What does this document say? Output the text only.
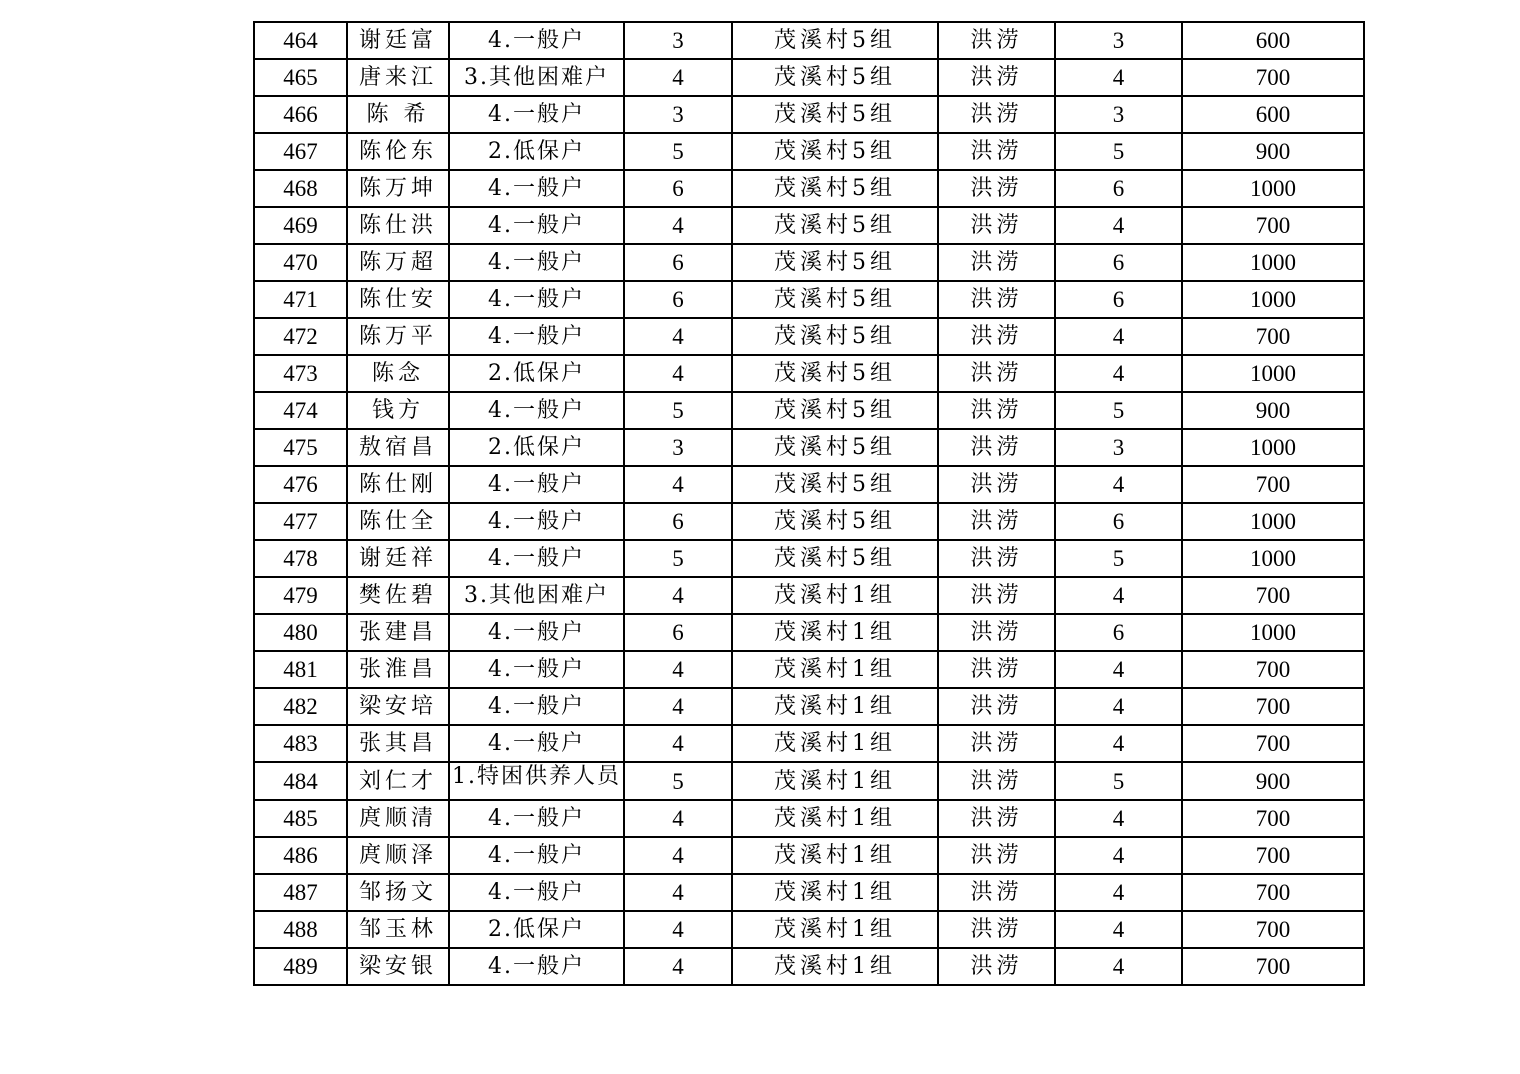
464	谢廷富	4.一般户	3	茂溪村5组	洪涝	3	600
465	唐来江	3.其他困难户	4	茂溪村5组	洪涝	4	700
466	陈 希	4.一般户	3	茂溪村5组	洪涝	3	600
467	陈伦东	2.低保户	5	茂溪村5组	洪涝	5	900
468	陈万坤	4.一般户	6	茂溪村5组	洪涝	6	1000
469	陈仕洪	4.一般户	4	茂溪村5组	洪涝	4	700
470	陈万超	4.一般户	6	茂溪村5组	洪涝	6	1000
471	陈仕安	4.一般户	6	茂溪村5组	洪涝	6	1000
472	陈万平	4.一般户	4	茂溪村5组	洪涝	4	700
473	陈念	2.低保户	4	茂溪村5组	洪涝	4	1000
474	钱方	4.一般户	5	茂溪村5组	洪涝	5	900
475	敖宿昌	2.低保户	3	茂溪村5组	洪涝	3	1000
476	陈仕刚	4.一般户	4	茂溪村5组	洪涝	4	700
477	陈仕全	4.一般户	6	茂溪村5组	洪涝	6	1000
478	谢廷祥	4.一般户	5	茂溪村5组	洪涝	5	1000
479	樊佐碧	3.其他困难户	4	茂溪村1组	洪涝	4	700
480	张建昌	4.一般户	6	茂溪村1组	洪涝	6	1000
481	张淮昌	4.一般户	4	茂溪村1组	洪涝	4	700
482	梁安培	4.一般户	4	茂溪村1组	洪涝	4	700
483	张其昌	4.一般户	4	茂溪村1组	洪涝	4	700
484	刘仁才	1.特困供养人员	5	茂溪村1组	洪涝	5	900
485	庹顺清	4.一般户	4	茂溪村1组	洪涝	4	700
486	庹顺泽	4.一般户	4	茂溪村1组	洪涝	4	700
487	邹扬文	4.一般户	4	茂溪村1组	洪涝	4	700
488	邹玉林	2.低保户	4	茂溪村1组	洪涝	4	700
489	梁安银	4.一般户	4	茂溪村1组	洪涝	4	700
